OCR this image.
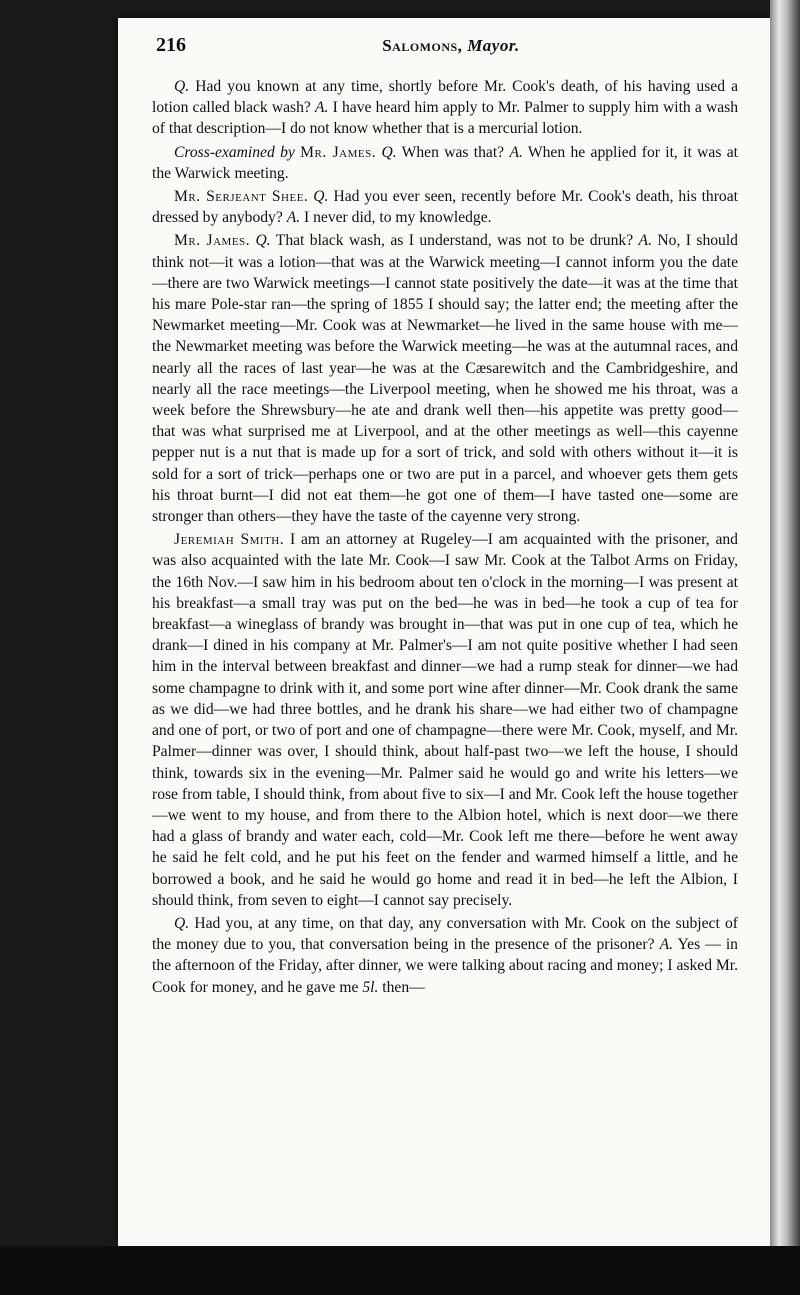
216	Salomons, Mayor.

Q. Had you known at any time, shortly before Mr. Cook's death, of his having used a lotion called black wash? A. I have heard him apply to Mr. Palmer to supply him with a wash of that description—I do not know whether that is a mercurial lotion.

Cross-examined by Mr. James. Q. When was that? A. When he applied for it, it was at the Warwick meeting.

Mr. Serjeant Shee. Q. Had you ever seen, recently before Mr. Cook's death, his throat dressed by anybody? A. I never did, to my knowledge.

Mr. James. Q. That black wash, as I understand, was not to be drunk? A. No, I should think not—it was a lotion—that was at the Warwick meeting—I cannot inform you the date—there are two Warwick meetings—I cannot state positively the date—it was at the time that his mare Pole-star ran—the spring of 1855 I should say; the latter end; the meeting after the Newmarket meeting—Mr. Cook was at Newmarket—he lived in the same house with me—the Newmarket meeting was before the Warwick meeting—he was at the autumnal races, and nearly all the races of last year—he was at the Cæsarewitch and the Cambridgeshire, and nearly all the race meetings—the Liverpool meeting, when he showed me his throat, was a week before the Shrewsbury—he ate and drank well then—his appetite was pretty good—that was what surprised me at Liverpool, and at the other meetings as well—this cayenne pepper nut is a nut that is made up for a sort of trick, and sold with others without it—it is sold for a sort of trick—perhaps one or two are put in a parcel, and whoever gets them gets his throat burnt—I did not eat them—he got one of them—I have tasted one—some are stronger than others—they have the taste of the cayenne very strong.

Jeremiah Smith. I am an attorney at Rugeley—I am acquainted with the prisoner, and was also acquainted with the late Mr. Cook—I saw Mr. Cook at the Talbot Arms on Friday, the 16th Nov.—I saw him in his bedroom about ten o'clock in the morning—I was present at his breakfast—a small tray was put on the bed—he was in bed—he took a cup of tea for breakfast—a wineglass of brandy was brought in—that was put in one cup of tea, which he drank—I dined in his company at Mr. Palmer's—I am not quite positive whether I had seen him in the interval between breakfast and dinner—we had a rump steak for dinner—we had some champagne to drink with it, and some port wine after dinner—Mr. Cook drank the same as we did—we had three bottles, and he drank his share—we had either two of champagne and one of port, or two of port and one of champagne—there were Mr. Cook, myself, and Mr. Palmer—dinner was over, I should think, about half-past two—we left the house, I should think, towards six in the evening—Mr. Palmer said he would go and write his letters—we rose from table, I should think, from about five to six—I and Mr. Cook left the house together—we went to my house, and from there to the Albion hotel, which is next door—we there had a glass of brandy and water each, cold—Mr. Cook left me there—before he went away he said he felt cold, and he put his feet on the fender and warmed himself a little, and he borrowed a book, and he said he would go home and read it in bed—he left the Albion, I should think, from seven to eight—I cannot say precisely.

Q. Had you, at any time, on that day, any conversation with Mr. Cook on the subject of the money due to you, that conversation being in the presence of the prisoner? A. Yes — in the afternoon of the Friday, after dinner, we were talking about racing and money; I asked Mr. Cook for money, and he gave me 5l. then—
